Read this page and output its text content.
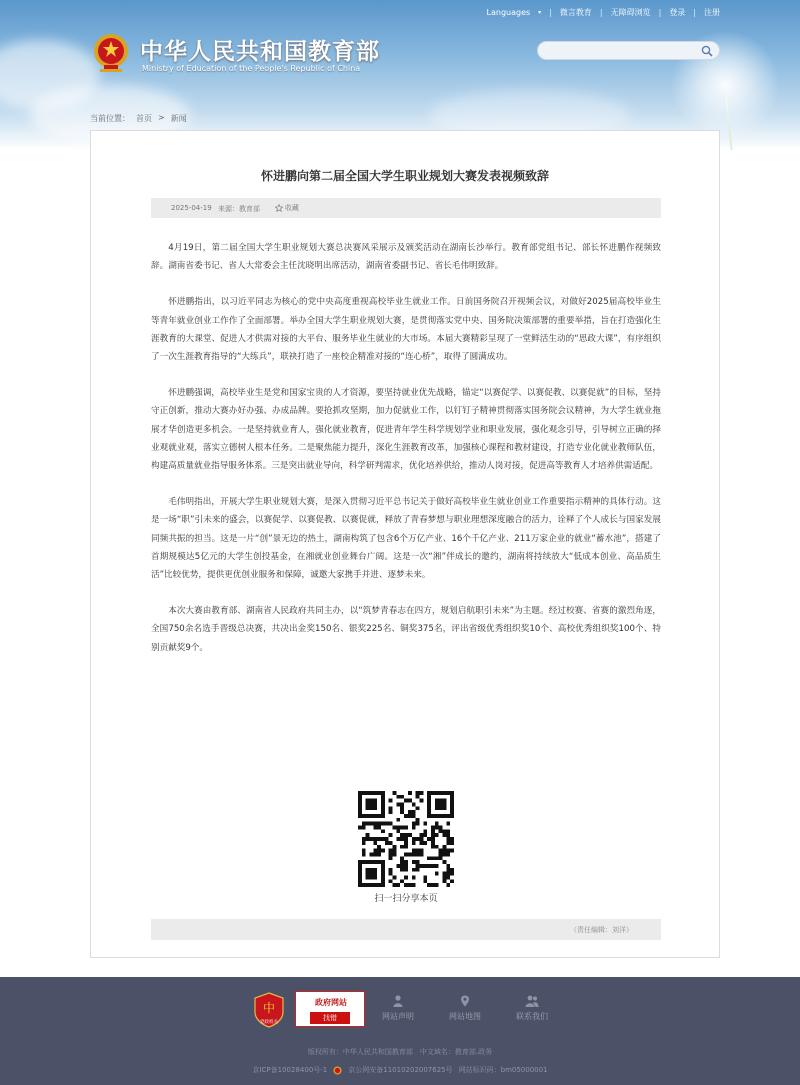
Languages ▾ | 微言教育 | 无障碍浏览 | 登录 | 注册
中华人民共和国教育部
Ministry of Education of the People's Republic of China
当前位置： 首页 > 新闻
怀进鹏向第二届全国大学生职业规划大赛发表视频致辞
2025-04-19 来源：教育部	收藏

4月19日，第二届全国大学生职业规划大赛总决赛风采展示及颁奖活动在湖南长沙举行。教育部党组书记、部长怀进鹏作视频致辞。湖南省委书记、省人大常委会主任沈晓明出席活动，湖南省委副书记、省长毛伟明致辞。

怀进鹏指出，以习近平同志为核心的党中央高度重视高校毕业生就业工作。日前国务院召开视频会议，对做好2025届高校毕业生等青年就业创业工作作了全面部署。举办全国大学生职业规划大赛，是贯彻落实党中央、国务院决策部署的重要举措，旨在打造强化生涯教育的大课堂、促进人才供需对接的大平台、服务毕业生就业的大市场。本届大赛精彩呈现了一堂鲜活生动的“思政大课”，有序组织了一次生涯教育指导的“大练兵”，联袂打造了一座校企精准对接的“连心桥”，取得了圆满成功。

怀进鹏强调，高校毕业生是党和国家宝贵的人才资源，要坚持就业优先战略，锚定“以赛促学、以赛促教、以赛促就”的目标，坚持守正创新，推动大赛办好办强、办成品牌。要抢抓攻坚期，加力促就业工作，以钉钉子精神贯彻落实国务院会议精神，为大学生就业拖展才华创造更多机会。一是坚持就业育人，强化就业教育，促进青年学生科学规划学业和职业发展，强化观念引导，引导树立正确的择业观就业观，落实立德树人根本任务。二是聚焦能力提升，深化生涯教育改革，加强核心课程和教材建设，打造专业化就业教师队伍，构建高质量就业指导服务体系。三是突出就业导向，科学研判需求，优化培养供给，推动人岗对接，促进高等教育人才培养供需适配。

毛伟明指出，开展大学生职业规划大赛，是深入贯彻习近平总书记关于做好高校毕业生就业创业工作重要指示精神的具体行动。这是一场“职”引未来的盛会，以赛促学、以赛促教、以赛促就，释放了青春梦想与职业理想深度融合的活力，诠释了个人成长与国家发展同频共振的担当。这是一片“创”景无边的热土，湖南构筑了包含6个万亿产业、16个千亿产业、211万家企业的就业“蓄水池”，搭建了首期规模达5亿元的大学生创投基金，在湘就业创业舞台广阔。这是一次“湘”伴成长的邀约，湖南将持续放大“低成本创业、高品质生活”比较优势，提供更优创业服务和保障，诚邀大家携手并进、逐梦未来。

本次大赛由教育部、湖南省人民政府共同主办，以“筑梦青春志在四方，规划启航职引未来”为主题。经过校赛、省赛的激烈角逐，全国750余名选手晋级总决赛，共决出金奖150名、银奖225名、铜奖375名，评出省级优秀组织奖10个、高校优秀组织奖100个、特别贡献奖9个。

扫一扫分享本页
（责任编辑：刘洋）
中
党政机关
政府网站
找错	网站声明	网站地图	联系我们
版权所有：中华人民共和国教育部　中文域名：教育部.政务
京ICP备10028400号-1	京公网安备11010202007625号 网站标识码：bm05000001
